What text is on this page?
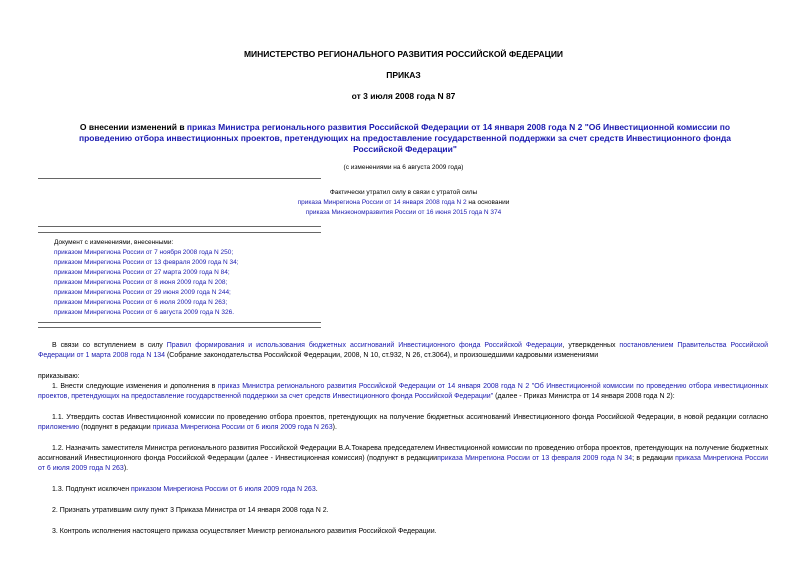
МИНИСТЕРСТВО РЕГИОНАЛЬНОГО РАЗВИТИЯ РОССИЙСКОЙ ФЕДЕРАЦИИ
ПРИКАЗ
от 3 июля 2008 года N 87
О внесении изменений в приказ Министра регионального развития Российской Федерации от 14 января 2008 года N 2 "Об Инвестиционной комиссии по проведению отбора инвестиционных проектов, претендующих на предоставление государственной поддержки за счет средств Инвестиционного фонда Российской Федерации"
(с изменениями на 6 августа 2009 года)
Фактически утратил силу в связи с утратой силы
приказа Минрегиона России от 14 января 2008 года N 2 на основании
приказа Минэкономразвития России от 16 июня 2015 года N 374
Документ с изменениями, внесенными:
приказом Минрегиона России от 7 ноября 2008 года N 250;
приказом Минрегиона России от 13 февраля 2009 года N 34;
приказом Минрегиона России от 27 марта 2009 года N 84;
приказом Минрегиона России от 8 июня 2009 года N 208;
приказом Минрегиона России от 29 июня 2009 года N 244;
приказом Минрегиона России от 6 июля 2009 года N 263;
приказом Минрегиона России от 6 августа 2009 года N 326.
В связи со вступлением в силу Правил формирования и использования бюджетных ассигнований Инвестиционного фонда Российской Федерации, утвержденных постановлением Правительства Российской Федерации от 1 марта 2008 года N 134 (Собрание законодательства Российской Федерации, 2008, N 10, ст.932, N 26, ст.3064), и произошедшими кадровыми изменениями
приказываю:
1. Внести следующие изменения и дополнения в приказ Министра регионального развития Российской Федерации от 14 января 2008 года N 2 "Об Инвестиционной комиссии по проведению отбора инвестиционных проектов, претендующих на предоставление государственной поддержки за счет средств Инвестиционного фонда Российской Федерации" (далее - Приказ Министра от 14 января 2008 года N 2):
1.1. Утвердить состав Инвестиционной комиссии по проведению отбора проектов, претендующих на получение бюджетных ассигнований Инвестиционного фонда Российской Федерации, в новой редакции согласно приложению (подпункт в редакции приказа Минрегиона России от 6 июля 2009 года N 263).
1.2. Назначить заместителя Министра регионального развития Российской Федерации В.А.Токарева председателем Инвестиционной комиссии по проведению отбора проектов, претендующих на получение бюджетных ассигнований Инвестиционного фонда Российской Федерации (далее - Инвестиционная комиссия) (подпункт в редакцииприказа Минрегиона России от 13 февраля 2009 года N 34; в редакции приказа Минрегиона России от 6 июля 2009 года N 263).
1.3. Подпункт исключен приказом Минрегиона России от 6 июля 2009 года N 263.
2. Признать утратившим силу пункт 3 Приказа Министра от 14 января 2008 года N 2.
3. Контроль исполнения настоящего приказа осуществляет Министр регионального развития Российской Федерации.
